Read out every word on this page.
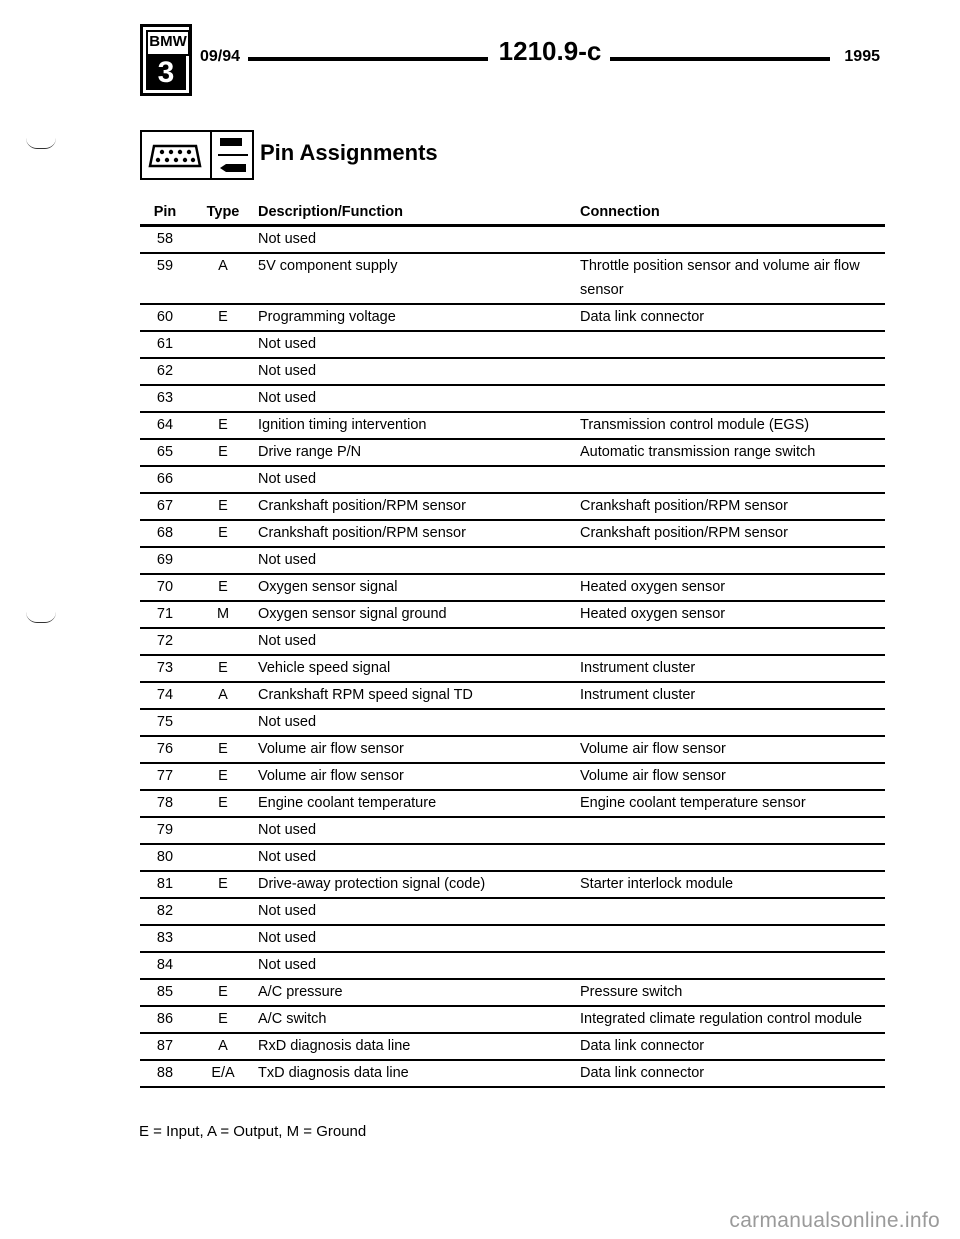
BMW
3	09/94	1210.9-c	1995
Pin Assignments
Pin	Type	Description/Function	Connection
58		Not used	
59	A	5V component supply	Throttle position sensor and volume air flow sensor
60	E	Programming voltage	Data link connector
61		Not used	
62		Not used	
63		Not used	
64	E	Ignition timing intervention	Transmission control module (EGS)
65	E	Drive range P/N	Automatic transmission range switch
66		Not used	
67	E	Crankshaft position/RPM sensor	Crankshaft position/RPM sensor
68	E	Crankshaft position/RPM sensor	Crankshaft position/RPM sensor
69		Not used	
70	E	Oxygen sensor signal	Heated oxygen sensor
71	M	Oxygen sensor signal ground	Heated oxygen sensor
72		Not used	
73	E	Vehicle speed signal	Instrument cluster
74	A	Crankshaft RPM speed signal TD	Instrument cluster
75		Not used	
76	E	Volume air flow sensor	Volume air flow sensor
77	E	Volume air flow sensor	Volume air flow sensor
78	E	Engine coolant temperature	Engine coolant temperature sensor
79		Not used	
80		Not used	
81	E	Drive-away protection signal (code)	Starter interlock module
82		Not used	
83		Not used	
84		Not used	
85	E	A/C pressure	Pressure switch
86	E	A/C switch	Integrated climate regulation control module
87	A	RxD diagnosis data line	Data link connector
88	E/A	TxD diagnosis data line	Data link connector
E = Input, A = Output, M = Ground
carmanualsonline.info
